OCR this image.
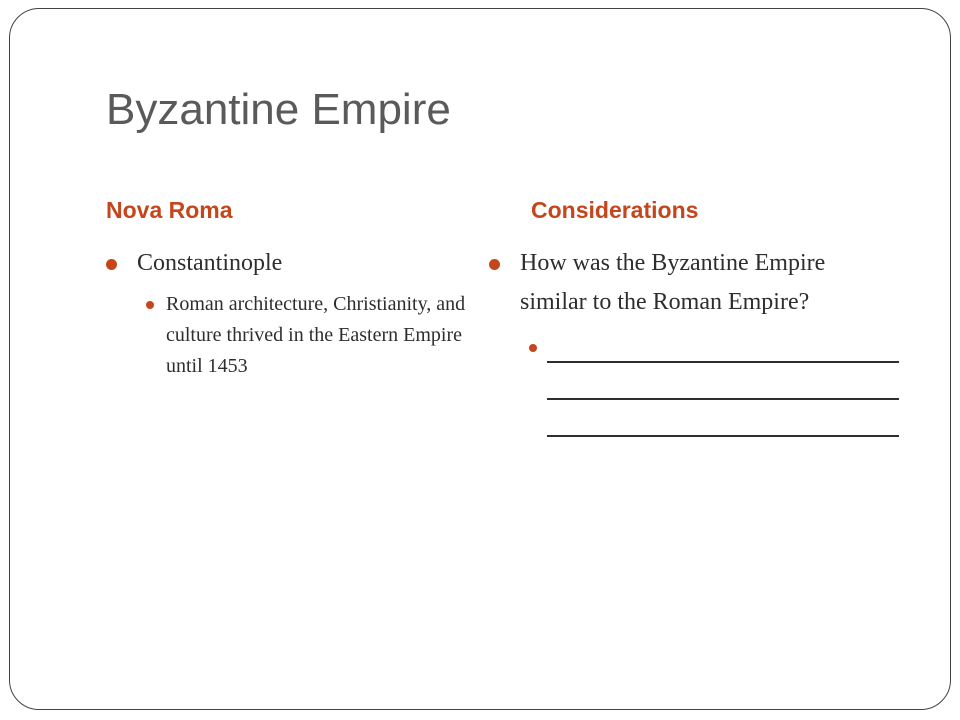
Byzantine Empire
Nova Roma	Considerations
Constantinople
Roman architecture, Christianity, and culture thrived in the Eastern Empire until 1453
How was the Byzantine Empire similar to the Roman Empire?
